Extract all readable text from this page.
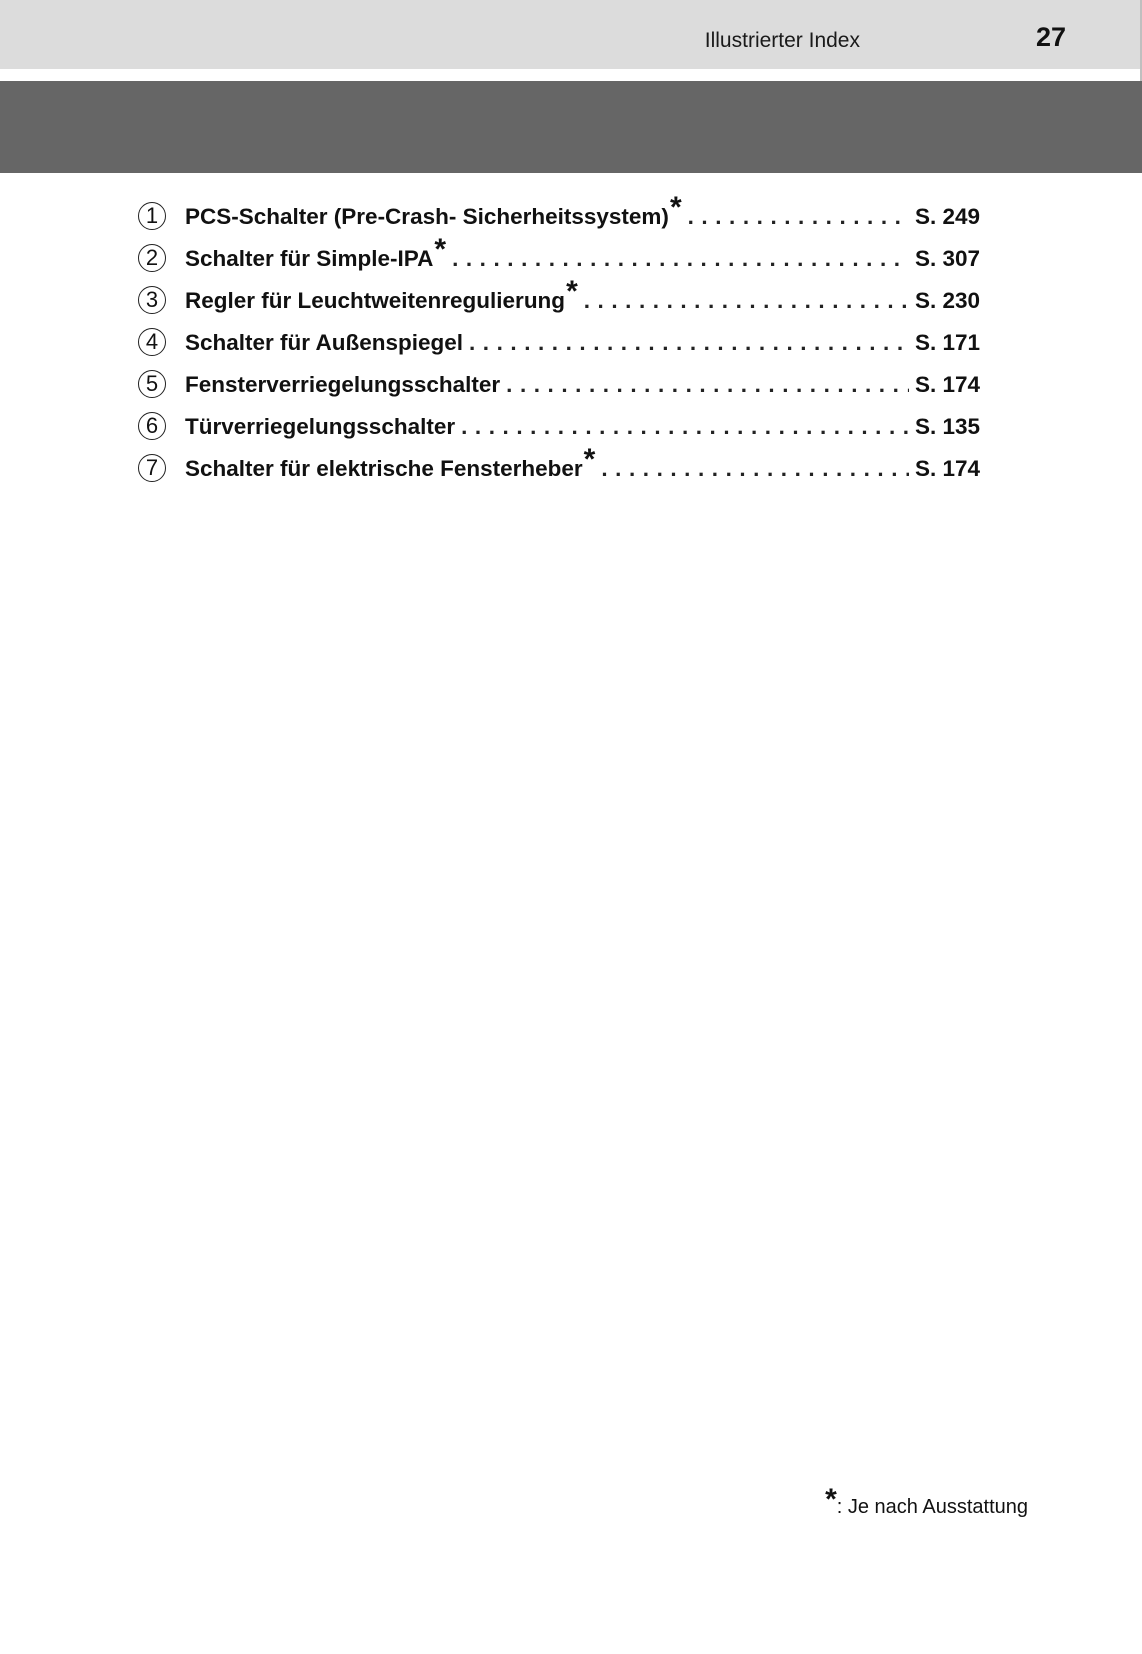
Illustrierter Index	27
1	PCS-Schalter (Pre-Crash- Sicherheitssystem)* . . .	S. 249
2	Schalter für Simple-IPA* . . .	S. 307
3	Regler für Leuchtweitenregulierung* . . .	S. 230
4	Schalter für Außenspiegel . . .	S. 171
5	Fensterverriegelungsschalter . . .	S. 174
6	Türverriegelungsschalter . . .	S. 135
7	Schalter für elektrische Fensterheber* . . .	S. 174
*: Je nach Ausstattung
